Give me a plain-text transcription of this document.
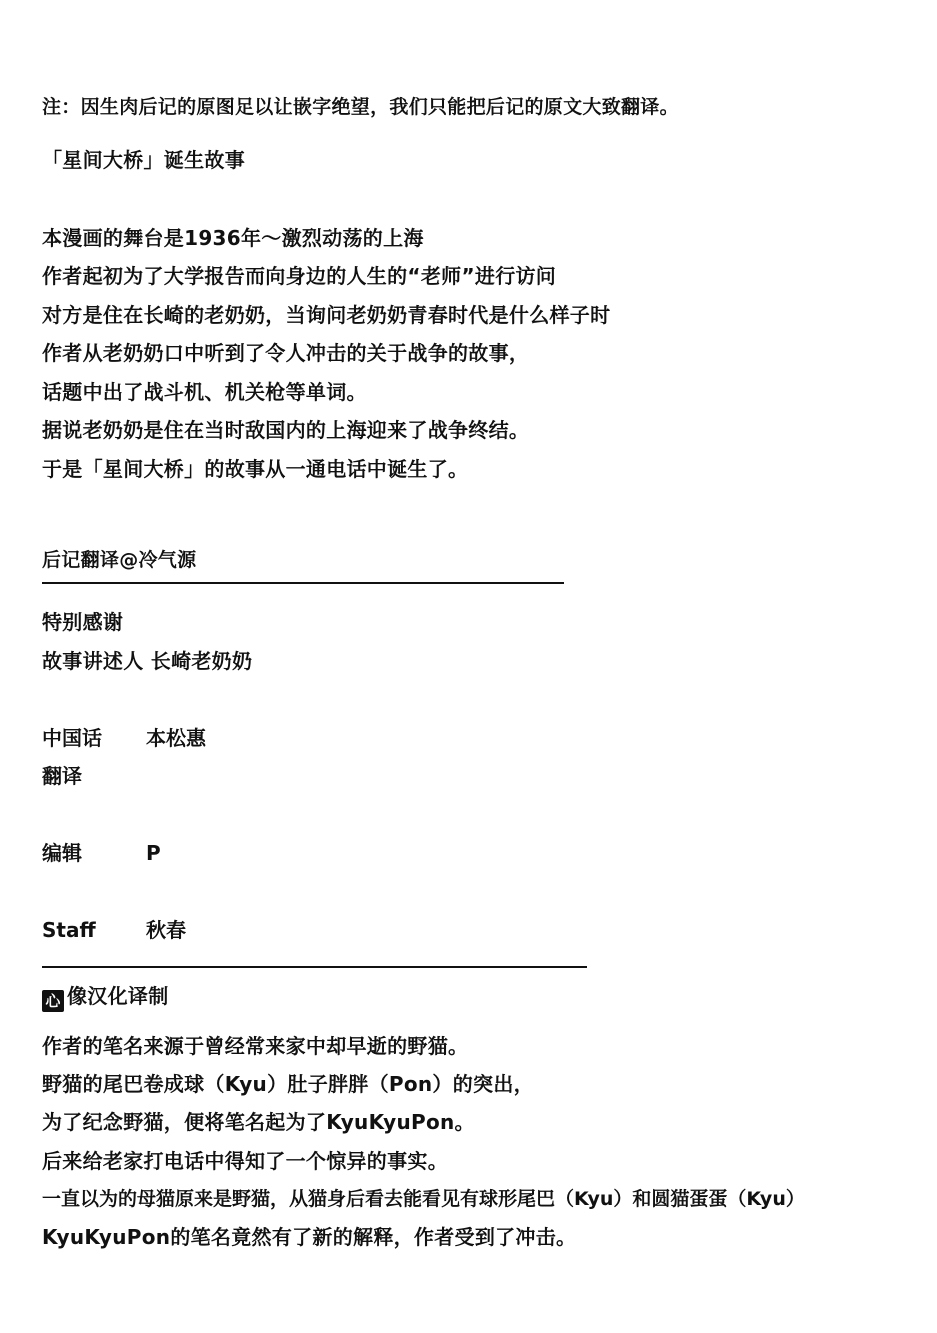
注：因生肉后记的原图足以让嵌字绝望，我们只能把后记的原文大致翻译。
「星间大桥」诞生故事
本漫画的舞台是1936年～激烈动荡的上海
作者起初为了大学报告而向身边的人生的“老师”进行访问
对方是住在长崎的老奶奶，当询问老奶奶青春时代是什么样子时
作者从老奶奶口中听到了令人冲击的关于战争的故事，
话题中出了战斗机、机关枪等单词。
据说老奶奶是住在当时敌国内的上海迎来了战争终结。
于是「星间大桥」的故事从一通电话中诞生了。
后记翻译@冷气源
特别感谢
故事讲述人 长崎老奶奶
中国话 本松惠
翻译
编辑	P
Staff	秋春
心 像汉化译制
作者的笔名来源于曾经常来家中却早逝的野猫。
野猫的尾巴卷成球（Kyu）肚子胖胖（Pon）的突出，
为了纪念野猫，便将笔名起为了KyuKyuPon。
后来给老家打电话中得知了一个惊异的事实。
一直以为的母猫原来是野猫，从猫身后看去能看见有球形尾巴（Kyu）和圆猫蛋蛋（Kyu）
KyuKyuPon的笔名竟然有了新的解释，作者受到了冲击。
